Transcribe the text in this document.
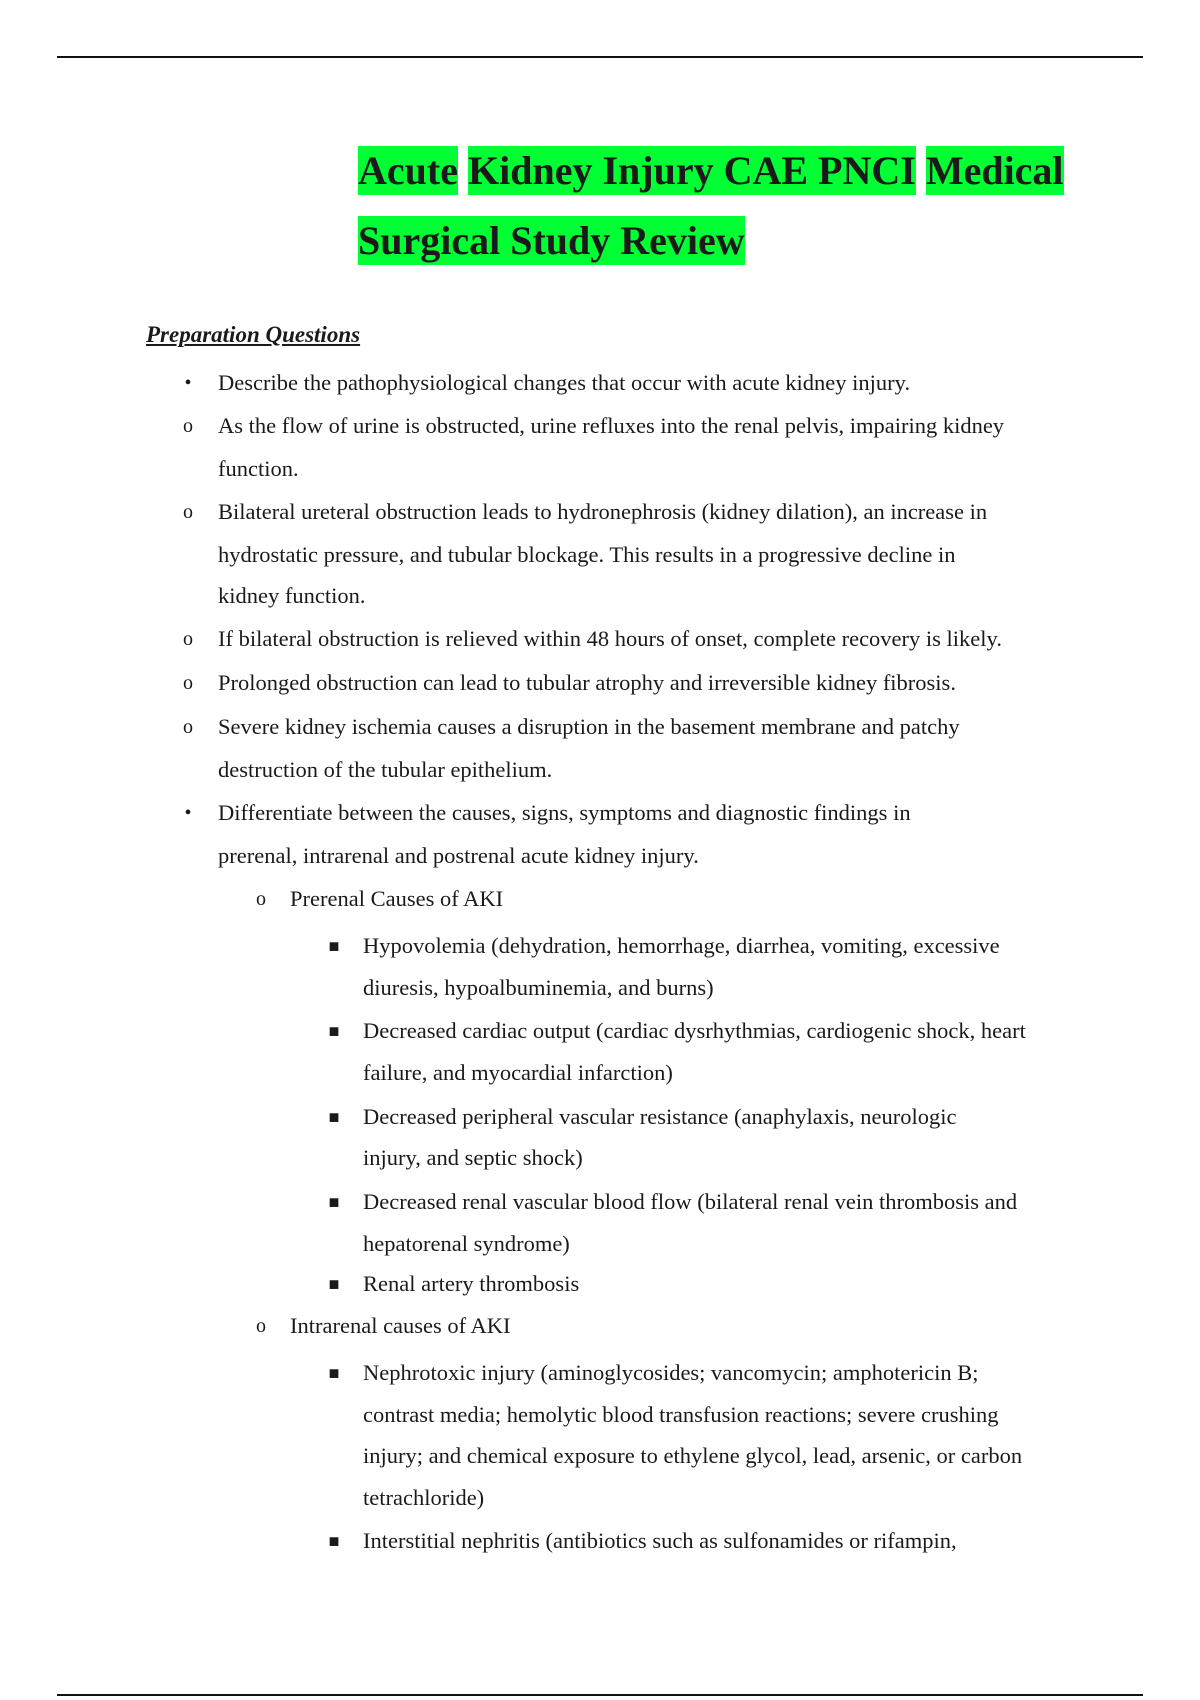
Acute Kidney Injury CAE PNCI Medical
Surgical Study Review
Preparation Questions
•	Describe the pathophysiological changes that occur with acute kidney injury.
o	As the flow of urine is obstructed, urine refluxes into the renal pelvis, impairing kidney
function.
o	Bilateral ureteral obstruction leads to hydronephrosis (kidney dilation), an increase in
hydrostatic pressure, and tubular blockage. This results in a progressive decline in
kidney function.
o	If bilateral obstruction is relieved within 48 hours of onset, complete recovery is likely.
o	Prolonged obstruction can lead to tubular atrophy and irreversible kidney fibrosis.
o	Severe kidney ischemia causes a disruption in the basement membrane and patchy
destruction of the tubular epithelium.
•	Differentiate between the causes, signs, symptoms and diagnostic findings in
prerenal, intrarenal and postrenal acute kidney injury.
o	Prerenal Causes of AKI
■ Hypovolemia (dehydration, hemorrhage, diarrhea, vomiting, excessive
diuresis, hypoalbuminemia, and burns)
■ Decreased cardiac output (cardiac dysrhythmias, cardiogenic shock, heart
failure, and myocardial infarction)
■ Decreased peripheral vascular resistance (anaphylaxis, neurologic
injury, and septic shock)
■ Decreased renal vascular blood flow (bilateral renal vein thrombosis and
hepatorenal syndrome)
■ Renal artery thrombosis
o	Intrarenal causes of AKI
■ Nephrotoxic injury (aminoglycosides; vancomycin; amphotericin B;
contrast media; hemolytic blood transfusion reactions; severe crushing
injury; and chemical exposure to ethylene glycol, lead, arsenic, or carbon
tetrachloride)
■ Interstitial nephritis (antibiotics such as sulfonamides or rifampin,
